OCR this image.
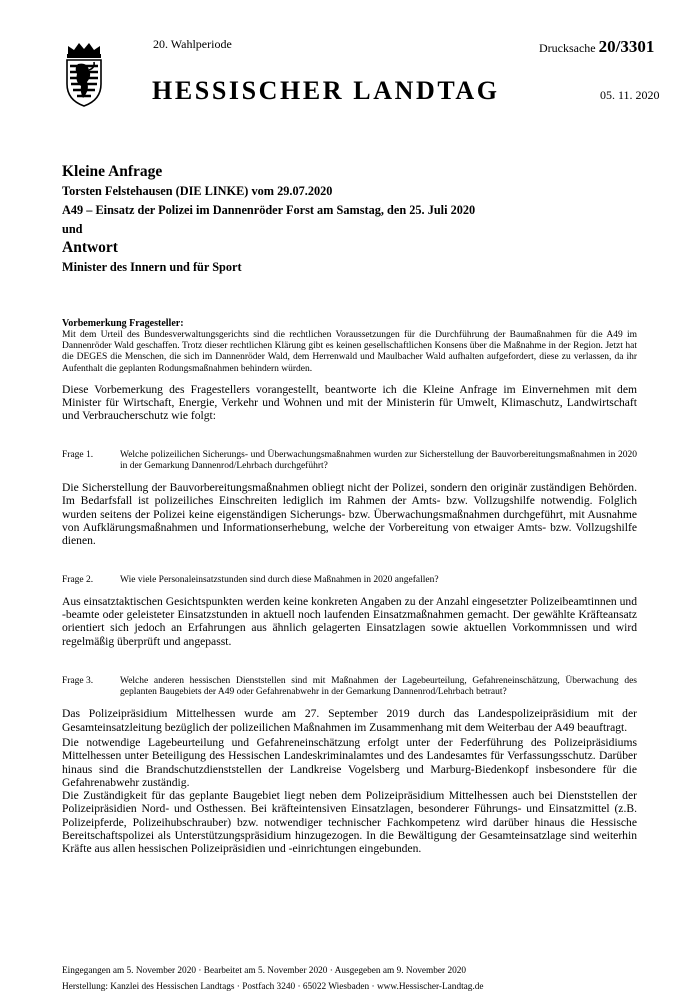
20. Wahlperiode
HESSISCHER LANDTAG
Drucksache 20/3301
05. 11. 2020

Kleine Anfrage

Torsten Felstehausen (DIE LINKE) vom 29.07.2020

A49 – Einsatz der Polizei im Dannenröder Forst am Samstag, den 25. Juli 2020

und

Antwort

Minister des Innern und für Sport

Vorbemerkung Fragesteller:

Mit dem Urteil des Bundesverwaltungsgerichts sind die rechtlichen Voraussetzungen für die Durchführung der Baumaßnahmen für die A49 im Dannenröder Wald geschaffen. Trotz dieser rechtlichen Klärung gibt es keinen gesellschaftlichen Konsens über die Maßnahme in der Region. Jetzt hat die DEGES die Menschen, die sich im Dannenröder Wald, dem Herrenwald und Maulbacher Wald aufhalten aufgefordert, diese zu verlassen, da ihr Aufenthalt die geplanten Rodungsmaßnahmen behindern würden.

Diese Vorbemerkung des Fragestellers vorangestellt, beantworte ich die Kleine Anfrage im Einvernehmen mit dem Minister für Wirtschaft, Energie, Verkehr und Wohnen und mit der Ministerin für Umwelt, Klimaschutz, Landwirtschaft und Verbraucherschutz wie folgt:

Frage 1.	Welche polizeilichen Sicherungs- und Überwachungsmaßnahmen wurden zur Sicherstellung der Bauvorbereitungsmaßnahmen in 2020 in der Gemarkung Dannenrod/Lehrbach durchgeführt?

Die Sicherstellung der Bauvorbereitungsmaßnahmen obliegt nicht der Polizei, sondern den originär zuständigen Behörden. Im Bedarfsfall ist polizeiliches Einschreiten lediglich im Rahmen der Amts- bzw. Vollzugshilfe notwendig. Folglich wurden seitens der Polizei keine eigenständigen Sicherungs- bzw. Überwachungsmaßnahmen durchgeführt, mit Ausnahme von Aufklärungsmaßnahmen und Informationserhebung, welche der Vorbereitung von etwaiger Amts- bzw. Vollzugshilfe dienen.

Frage 2.	Wie viele Personaleinsatzstunden sind durch diese Maßnahmen in 2020 angefallen?

Aus einsatztaktischen Gesichtspunkten werden keine konkreten Angaben zu der Anzahl eingesetzter Polizeibeamtinnen und -beamte oder geleisteter Einsatzstunden in aktuell noch laufenden Einsatzmaßnahmen gemacht. Der gewählte Kräfteansatz orientiert sich jedoch an Erfahrungen aus ähnlich gelagerten Einsatzlagen sowie aktuellen Vorkommnissen und wird regelmäßig überprüft und angepasst.

Frage 3.	Welche anderen hessischen Dienststellen sind mit Maßnahmen der Lagebeurteilung, Gefahreneinschätzung, Überwachung des geplanten Baugebiets der A49 oder Gefahrenabwehr in der Gemarkung Dannenrod/Lehrbach betraut?

Das Polizeipräsidium Mittelhessen wurde am 27. September 2019 durch das Landespolizeipräsidium mit der Gesamteinsatzleitung bezüglich der polizeilichen Maßnahmen im Zusammenhang mit dem Weiterbau der A49 beauftragt.

Die notwendige Lagebeurteilung und Gefahreneinschätzung erfolgt unter der Federführung des Polizeipräsidiums Mittelhessen unter Beteiligung des Hessischen Landeskriminalamtes und des Landesamtes für Verfassungsschutz. Darüber hinaus sind die Brandschutzdienststellen der Landkreise Vogelsberg und Marburg-Biedenkopf insbesondere für die Gefahrenabwehr zuständig.

Die Zuständigkeit für das geplante Baugebiet liegt neben dem Polizeipräsidium Mittelhessen auch bei Dienststellen der Polizeipräsidien Nord- und Osthessen. Bei kräfteintensiven Einsatzlagen, besonderer Führungs- und Einsatzmittel (z.B. Polizeipferde, Polizeihubschrauber) bzw. notwendiger technischer Fachkompetenz wird darüber hinaus die Hessische Bereitschaftspolizei als Unterstützungspräsidium hinzugezogen. In die Bewältigung der Gesamteinsatzlage sind weiterhin Kräfte aus allen hessischen Polizeipräsidien und -einrichtungen eingebunden.

Eingegangen am 5. November 2020 · Bearbeitet am 5. November 2020 · Ausgegeben am 9. November 2020
Herstellung: Kanzlei des Hessischen Landtags · Postfach 3240 · 65022 Wiesbaden · www.Hessischer-Landtag.de
